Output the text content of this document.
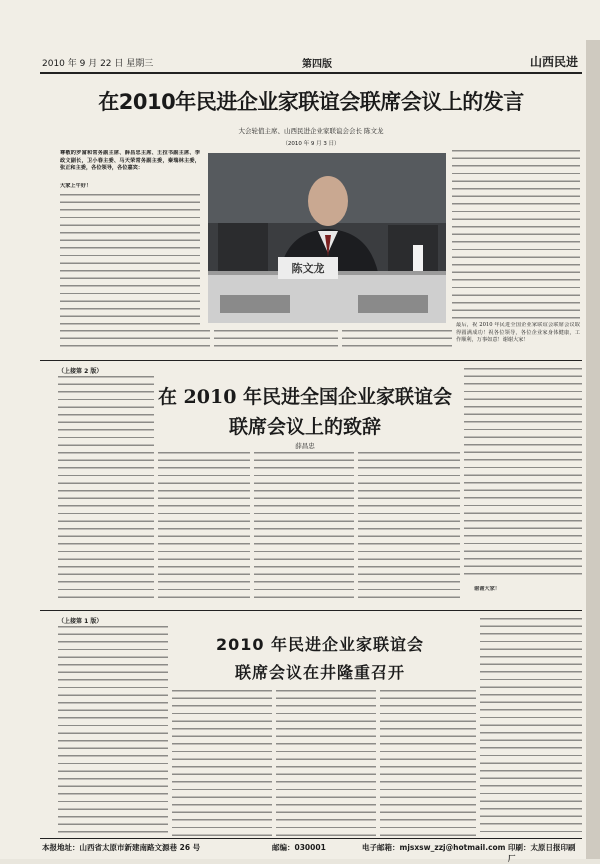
2010 年 9 月 22 日 星期三	第四版	山西民进
在2010年民进企业家联谊会联席会议上的发言
大会轮值主席、山西民进企业家联谊会会长 陈文龙
（2010 年 9 月 3 日）
尊敬的罗富和常务副主席、薛昌忠主席、王拉书副主席、李政文副长，卫小春主委、马天荣常务副主委，秦瑞林主委，张正和主委，各位领导，各位嘉宾：
大家上午好！
陈文龙
最后，祝 2010 年民进全国企业家联谊会联席会议取得圆满成功！祝各位领导，各位企业家身体健康，工作顺利，万事如意！谢谢大家！
（上接第 2 版）
在 2010 年民进全国企业家联谊会
联席会议上的致辞
薛昌忠
谢谢大家！
（上接第 1 版）
2010 年民进企业家联谊会
联席会议在井隆重召开
本报地址：山西省太原市新建南路文源巷 26 号	邮编：030001	电子邮箱：mjsxsw_zzj@hotmail.com 印刷：太原日报印刷厂
